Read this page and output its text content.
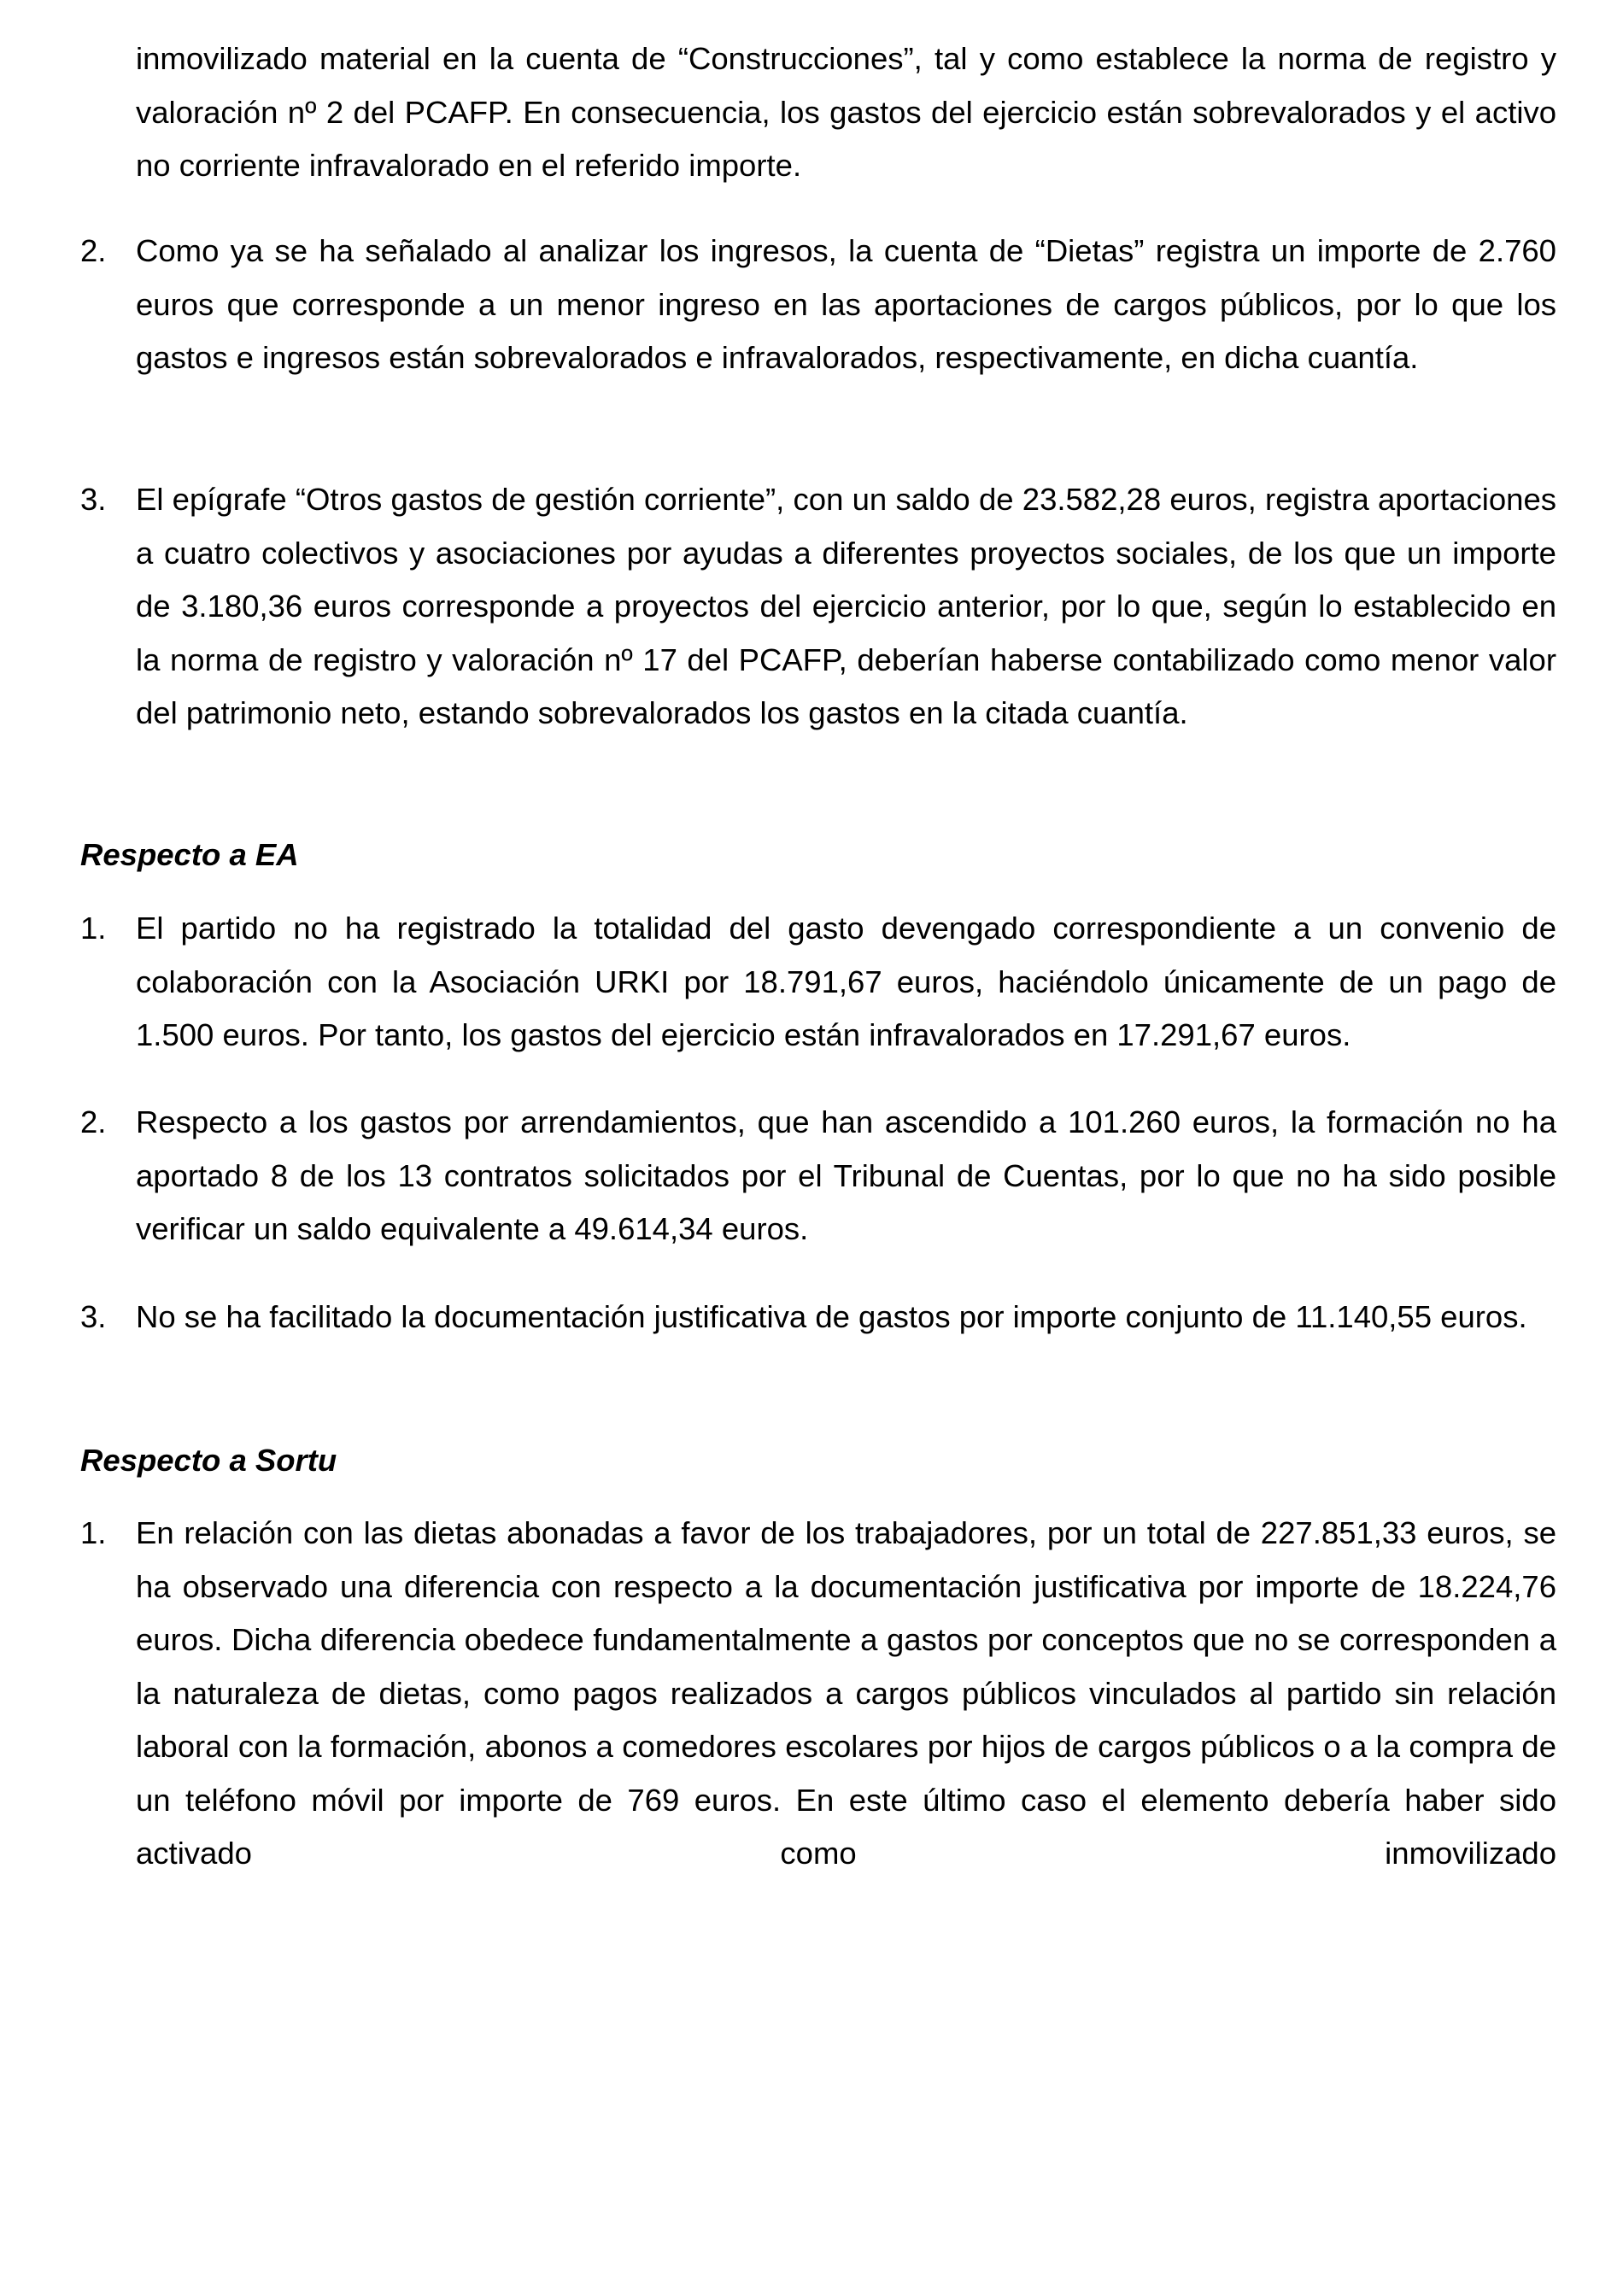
inmovilizado material en la cuenta de “Construcciones”, tal y como establece la norma de registro y valoración nº 2 del PCAFP. En consecuencia, los gastos del ejercicio están sobrevalorados y el activo no corriente infravalorado en el referido importe.
2. Como ya se ha señalado al analizar los ingresos, la cuenta de “Dietas” registra un importe de 2.760 euros que corresponde a un menor ingreso en las aportaciones de cargos públicos, por lo que los gastos e ingresos están sobrevalorados e infravalorados, respectivamente, en dicha cuantía.
3. El epígrafe “Otros gastos de gestión corriente”, con un saldo de 23.582,28 euros, registra aportaciones a cuatro colectivos y asociaciones por ayudas a diferentes proyectos sociales, de los que un importe de 3.180,36 euros corresponde a proyectos del ejercicio anterior, por lo que, según lo establecido en la norma de registro y valoración nº 17 del PCAFP, deberían haberse contabilizado como menor valor del patrimonio neto, estando sobrevalorados los gastos en la citada cuantía.
Respecto a EA
1. El partido no ha registrado la totalidad del gasto devengado correspondiente a un convenio de colaboración con la Asociación URKI por 18.791,67 euros, haciéndolo únicamente de un pago de 1.500 euros. Por tanto, los gastos del ejercicio están infravalorados en 17.291,67 euros.
2. Respecto a los gastos por arrendamientos, que han ascendido a 101.260 euros, la formación no ha aportado 8 de los 13 contratos solicitados por el Tribunal de Cuentas, por lo que no ha sido posible verificar un saldo equivalente a 49.614,34 euros.
3. No se ha facilitado la documentación justificativa de gastos por importe conjunto de 11.140,55 euros.
Respecto a Sortu
1. En relación con las dietas abonadas a favor de los trabajadores, por un total de 227.851,33 euros, se ha observado una diferencia con respecto a la documentación justificativa por importe de 18.224,76 euros. Dicha diferencia obedece fundamentalmente a gastos por conceptos que no se corresponden a la naturaleza de dietas, como pagos realizados a cargos públicos vinculados al partido sin relación laboral con la formación, abonos a comedores escolares por hijos de cargos públicos o a la compra de un teléfono móvil por importe de 769 euros. En este último caso el elemento debería haber sido activado como inmovilizado
